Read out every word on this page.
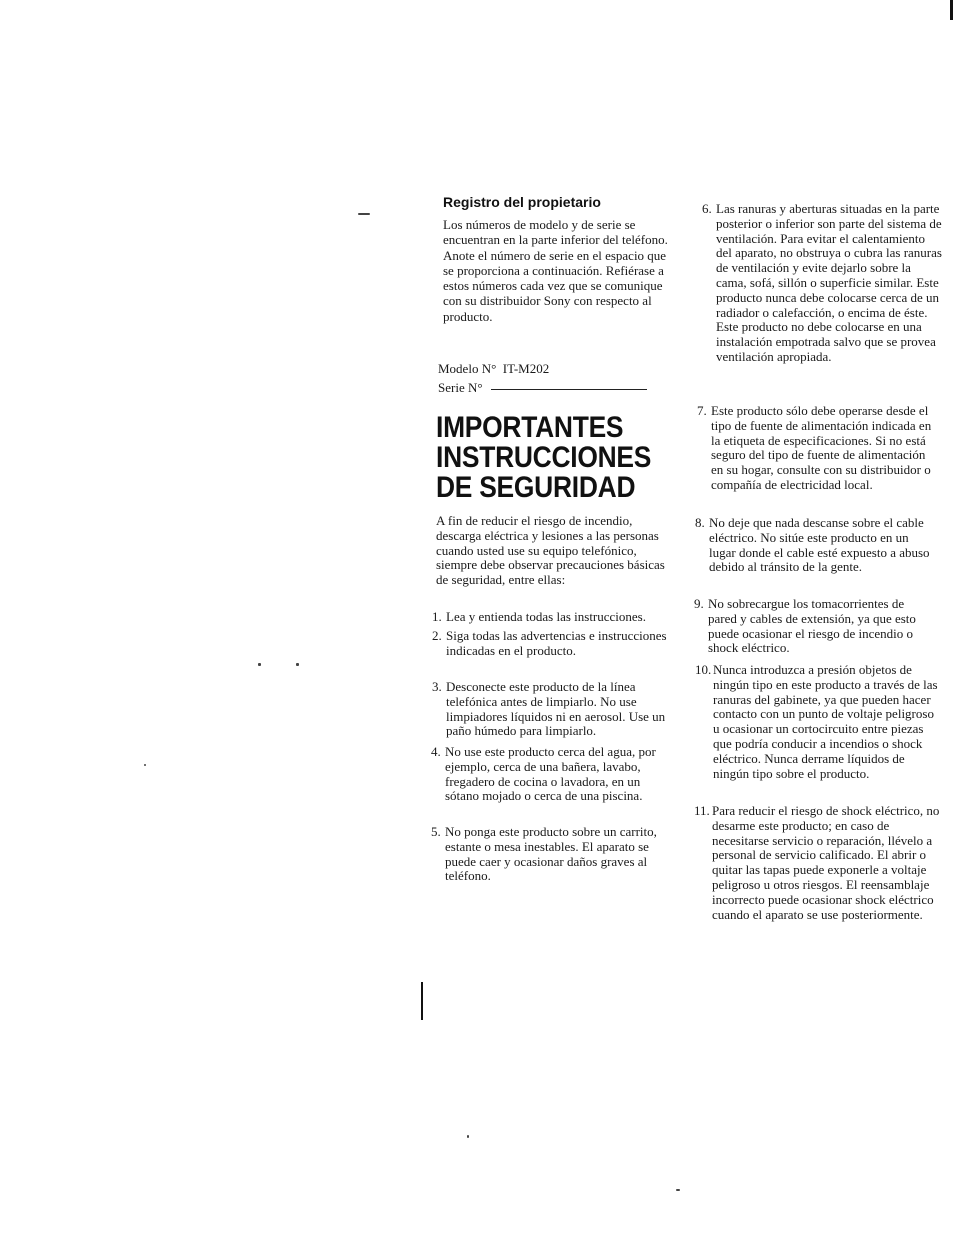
Registro del propietario
Los números de modelo y de serie se encuentran en la parte inferior del teléfono. Anote el número de serie en el espacio que se proporciona a continuación. Refiérase a estos números cada vez que se comunique con su distribuidor Sony con respecto al producto.
Modelo N° IT-M202
Serie N°
IMPORTANTES INSTRUCCIONES DE SEGURIDAD
A fin de reducir el riesgo de incendio, descarga eléctrica y lesiones a las personas cuando usted use su equipo telefónico, siempre debe observar precauciones básicas de seguridad, entre ellas:
1. Lea y entienda todas las instrucciones.
2. Siga todas las advertencias e instrucciones indicadas en el producto.
3. Desconecte este producto de la línea telefónica antes de limpiarlo. No use limpiadores líquidos ni en aerosol. Use un paño húmedo para limpiarlo.
4. No use este producto cerca del agua, por ejemplo, cerca de una bañera, lavabo, fregadero de cocina o lavadora, en un sótano mojado o cerca de una piscina.
5. No ponga este producto sobre un carrito, estante o mesa inestables. El aparato se puede caer y ocasionar daños graves al teléfono.
6. Las ranuras y aberturas situadas en la parte posterior o inferior son parte del sistema de ventilación. Para evitar el calentamiento del aparato, no obstruya o cubra las ranuras de ventilación y evite dejarlo sobre la cama, sofá, sillón o superficie similar. Este producto nunca debe colocarse cerca de un radiador o calefacción, o encima de éste. Este producto no debe colocarse en una instalación empotrada salvo que se provea ventilación apropiada.
7. Este producto sólo debe operarse desde el tipo de fuente de alimentación indicada en la etiqueta de especificaciones. Si no está seguro del tipo de fuente de alimentación en su hogar, consulte con su distribuidor o compañía de electricidad local.
8. No deje que nada descanse sobre el cable eléctrico. No sitúe este producto en un lugar donde el cable esté expuesto a abuso debido al tránsito de la gente.
9. No sobrecargue los tomacorrientes de pared y cables de extensión, ya que esto puede ocasionar el riesgo de incendio o shock eléctrico.
10. Nunca introduzca a presión objetos de ningún tipo en este producto a través de las ranuras del gabinete, ya que pueden hacer contacto con un punto de voltaje peligroso u ocasionar un cortocircuito entre piezas que podría conducir a incendios o shock eléctrico. Nunca derrame líquidos de ningún tipo sobre el producto.
11. Para reducir el riesgo de shock eléctrico, no desarme este producto; en caso de necesitarse servicio o reparación, llévelo a personal de servicio calificado. El abrir o quitar las tapas puede exponerle a voltaje peligroso u otros riesgos. El reensamblaje incorrecto puede ocasionar shock eléctrico cuando el aparato se use posteriormente.
